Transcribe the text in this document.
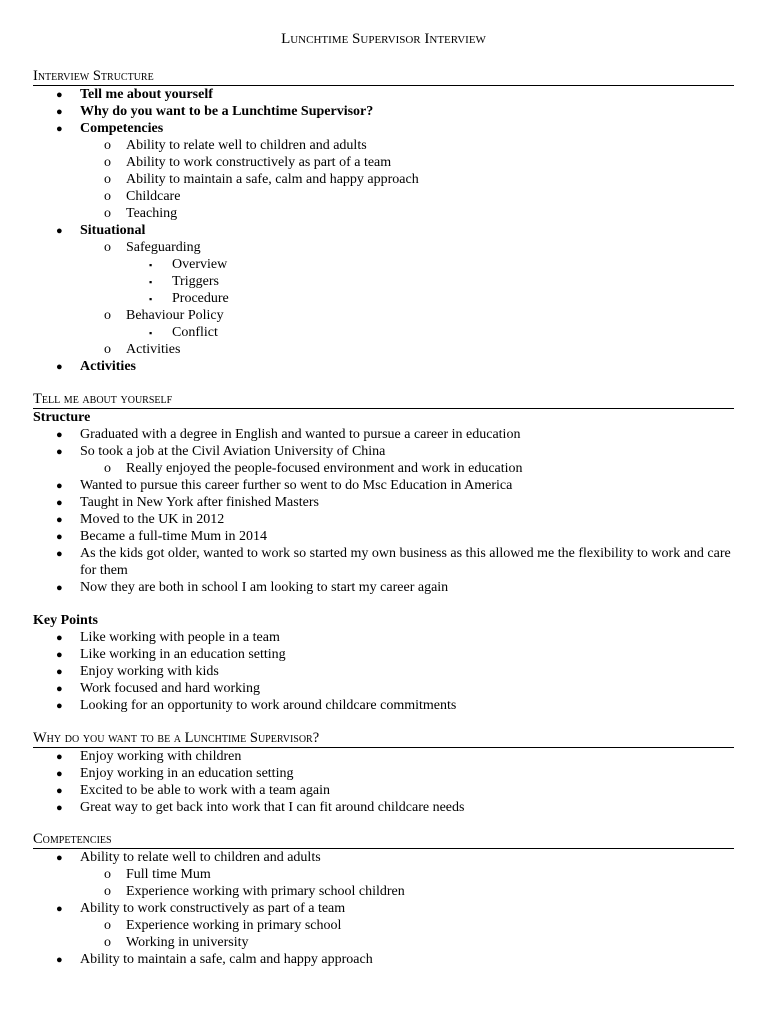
Lunchtime Supervisor Interview
Interview Structure
● Tell me about yourself
● Why do you want to be a Lunchtime Supervisor?
● Competencies
o Ability to relate well to children and adults
o Ability to work constructively as part of a team
o Ability to maintain a safe, calm and happy approach
o Childcare
o Teaching
● Situational
o Safeguarding
▪ Overview
▪ Triggers
▪ Procedure
o Behaviour Policy
▪ Conflict
o Activities
● Activities
Tell me about yourself
Structure
● Graduated with a degree in English and wanted to pursue a career in education
● So took a job at the Civil Aviation University of China
o Really enjoyed the people-focused environment and work in education
● Wanted to pursue this career further so went to do Msc Education in America
● Taught in New York after finished Masters
● Moved to the UK in 2012
● Became a full-time Mum in 2014
● As the kids got older, wanted to work so started my own business as this allowed me the flexibility to work and care for them
● Now they are both in school I am looking to start my career again
Key Points
● Like working with people in a team
● Like working in an education setting
● Enjoy working with kids
● Work focused and hard working
● Looking for an opportunity to work around childcare commitments
Why do you want to be a Lunchtime Supervisor?
● Enjoy working with children
● Enjoy working in an education setting
● Excited to be able to work with a team again
● Great way to get back into work that I can fit around childcare needs
Competencies
● Ability to relate well to children and adults
o Full time Mum
o Experience working with primary school children
● Ability to work constructively as part of a team
o Experience working in primary school
o Working in university
● Ability to maintain a safe, calm and happy approach
